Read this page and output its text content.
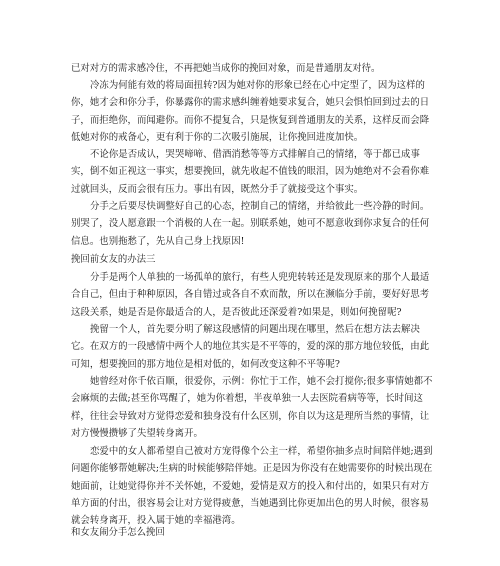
已对对方的需求感冷住，不再把她当成你的挽回对象，而是普通朋友对待。

冷冻为何能有效的将局面扭转?因为她对你的形象已经在心中定型了，因为这样的你，她才会和你分手，你暴露你的需求感纠缠着她要求复合，她只会惧怕回到过去的日子，而拒绝你，而闻避你。而你不提复合，只是恢复到普通朋友的关系，这样反而会降低她对你的戒备心，更有利于你的二次吸引施展，让你挽回进度加快。

不论你是否成认，哭哭啼啼、借酒消愁等等方式排解自己的情绪，等于都已成事实，倒不如正视这一事实，想要挽回，就先收起不值钱的眼泪，因为她绝对不会看你难过就回头，反而会很有压力。事出有因，既然分手了就接受这个事实。

分手之后要尽快调整好自己的心态，控制自己的情绪，并给彼此一些冷静的时间。别哭了，没人愿意跟一个消极的人在一起。别联系她，她可不愿意收到你求复合的任何信息。也别拖愁了，先从自己身上找原因!

挽回前女友的办法三

分手是两个人单独的一场孤单的旅行，有些人兜兜转转还是发现原来的那个人最适合自己，但由于种种原因，各自错过或各自不欢而散，所以在濒临分手前，要好好思考这段关系，她是否是你最适合的人，是否彼此还深爱着?如果是，则如何挽留呢?

挽留一个人，首先要分明了解这段感情的问题出现在哪里，然后在想方法去解决它。在双方的一段感情中两个人的地位其实是不平等的，爱的深的那方地位较低，由此可知，想要挽回的那方地位是相对低的，如何改变这种不平等呢?

她曾经对你千依百顺，很爱你，示例：你忙于工作，她不会打搅你;很多事情她都不会麻烦的去做;甚至你骂醒了，她为你着想，半夜单独一人去医院看病等等，长时间这样，往往会导致对方觉得恋爱和独身没有什么区别，你自以为这是理所当然的事情，让对方慢慢攒够了失望转身离开。

恋爱中的女人都希望自己被对方宠得像个公主一样，希望你抽多点时间陪伴她;遇到问题你能够帮她解决;生病的时候能够陪伴她。正是因为你没有在她需要你的时候出现在她面前，让她觉得你并不关怀她，不爱她，爱情是双方的投入和付出的，如果只有对方单方面的付出，很容易会让对方觉得疲惫，当她遇到比你更加出色的男人时候，很容易就会转身离开，投入属于她的幸福港湾。

和女友闹分手怎么挽回
